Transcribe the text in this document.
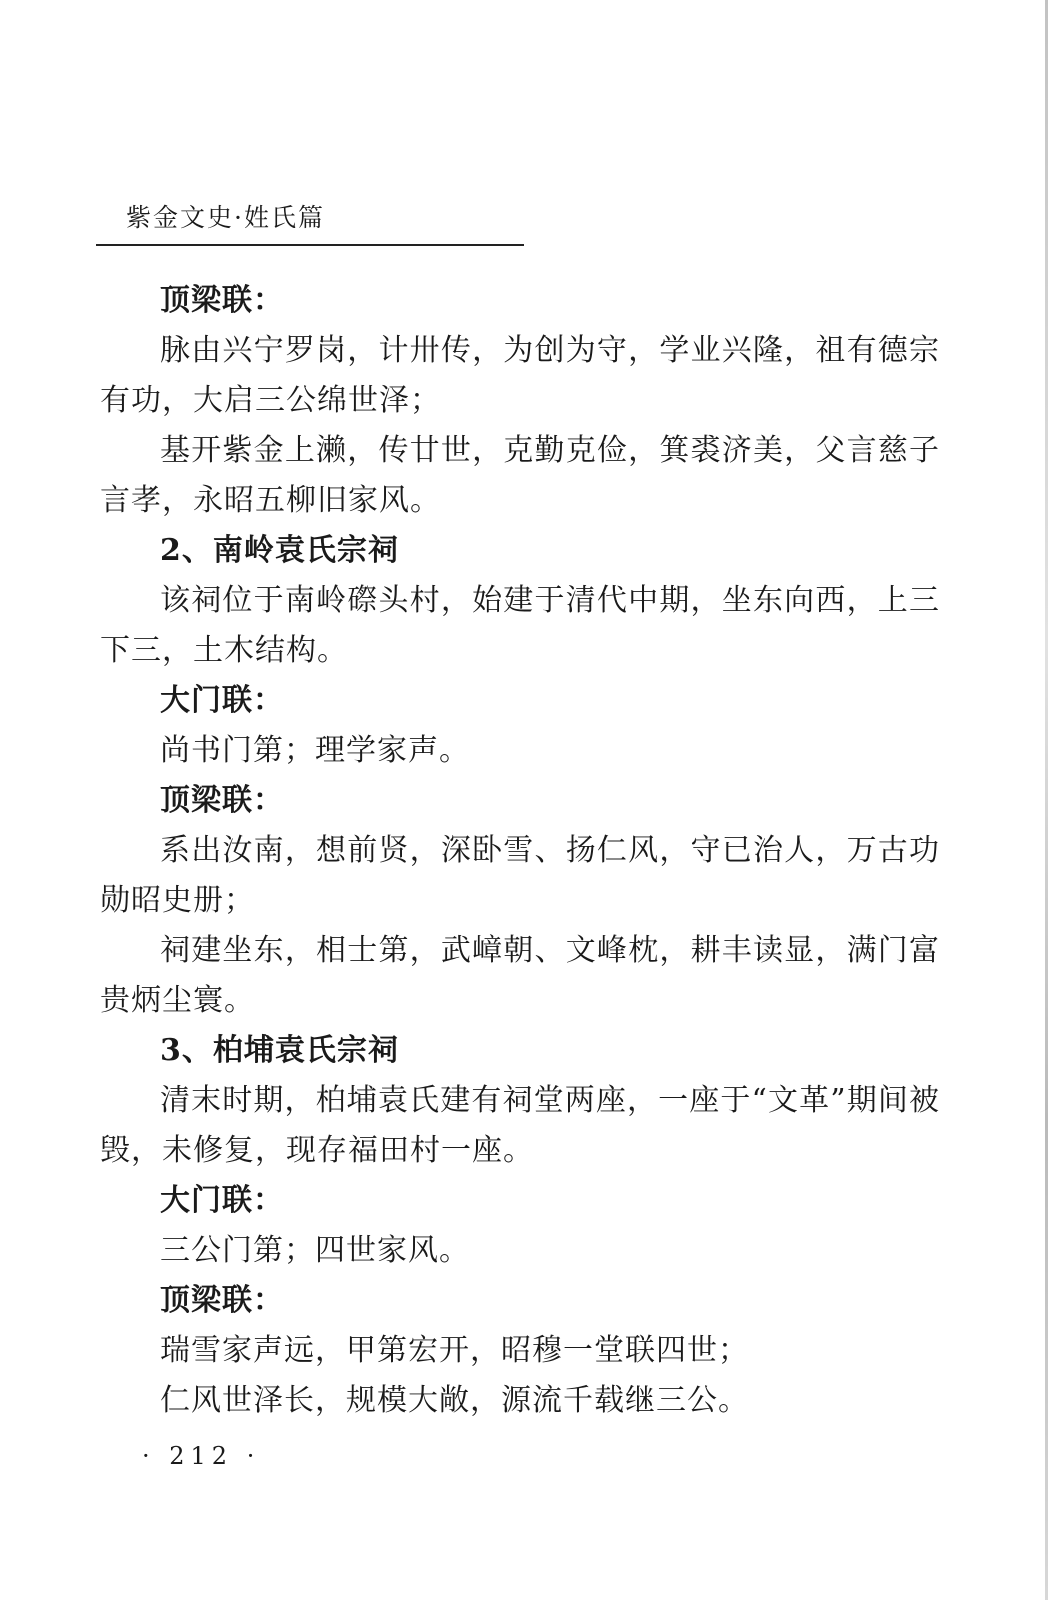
紫金文史·姓氏篇

顶梁联：

脉由兴宁罗岗，计卅传，为创为守，学业兴隆，祖有德宗有功，大启三公绵世泽；

基开紫金上濑，传廿世，克勤克俭，箕裘济美，父言慈子言孝，永昭五柳旧家风。

2、南岭袁氏宗祠

该祠位于南岭磜头村，始建于清代中期，坐东向西，上三下三，土木结构。

大门联：

尚书门第；理学家声。

顶梁联：

系出汝南，想前贤，深卧雪、扬仁风，守已治人，万古功勋昭史册；

祠建坐东，相士第，武嶂朝、文峰枕，耕丰读显，满门富贵炳尘寰。

3、柏埔袁氏宗祠

清末时期，柏埔袁氏建有祠堂两座，一座于“文革”期间被毁，未修复，现存福田村一座。

大门联：

三公门第；四世家风。

顶梁联：

瑞雪家声远，甲第宏开，昭穆一堂联四世；

仁风世泽长，规模大敞，源流千载继三公。

· 212 ·
